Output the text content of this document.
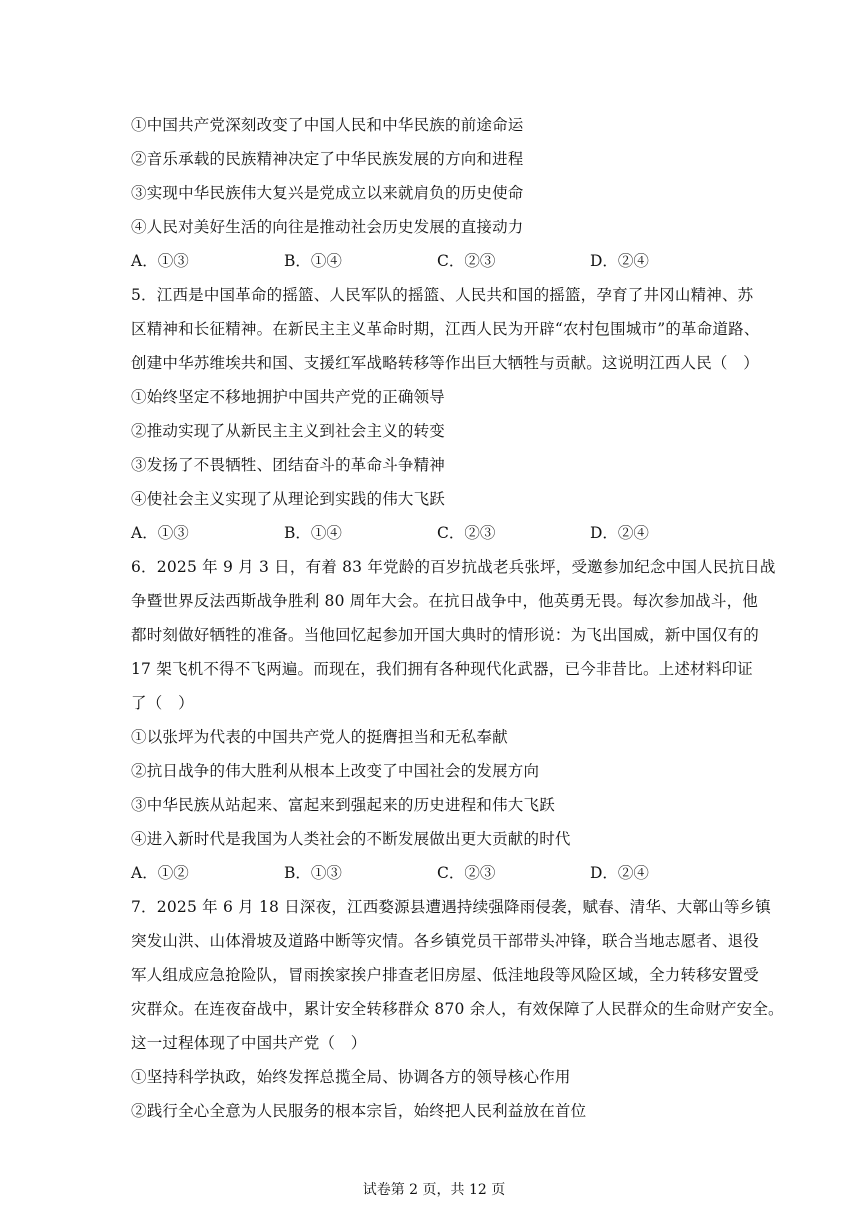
①中国共产党深刻改变了中国人民和中华民族的前途命运
②音乐承载的民族精神决定了中华民族发展的方向和进程
③实现中华民族伟大复兴是党成立以来就肩负的历史使命
④人民对美好生活的向往是推动社会历史发展的直接动力
A．①③	B．①④	C．②③	D．②④
5．江西是中国革命的摇篮、人民军队的摇篮、人民共和国的摇篮，孕育了井冈山精神、苏
区精神和长征精神。在新民主主义革命时期，江西人民为开辟“农村包围城市”的革命道路、
创建中华苏维埃共和国、支援红军战略转移等作出巨大牺牲与贡献。这说明江西人民（　）
①始终坚定不移地拥护中国共产党的正确领导
②推动实现了从新民主主义到社会主义的转变
③发扬了不畏牺牲、团结奋斗的革命斗争精神
④使社会主义实现了从理论到实践的伟大飞跃
A．①③	B．①④	C．②③	D．②④
6．2025 年 9 月 3 日，有着 83 年党龄的百岁抗战老兵张坪，受邀参加纪念中国人民抗日战
争暨世界反法西斯战争胜利 80 周年大会。在抗日战争中，他英勇无畏。每次参加战斗，他
都时刻做好牺牲的准备。当他回忆起参加开国大典时的情形说：为飞出国威，新中国仅有的
17 架飞机不得不飞两遍。而现在，我们拥有各种现代化武器，已今非昔比。上述材料印证
了（　）
①以张坪为代表的中国共产党人的挺膺担当和无私奉献
②抗日战争的伟大胜利从根本上改变了中国社会的发展方向
③中华民族从站起来、富起来到强起来的历史进程和伟大飞跃
④进入新时代是我国为人类社会的不断发展做出更大贡献的时代
A．①②	B．①③	C．②③	D．②④
7．2025 年 6 月 18 日深夜，江西婺源县遭遇持续强降雨侵袭，赋春、清华、大鄣山等乡镇
突发山洪、山体滑坡及道路中断等灾情。各乡镇党员干部带头冲锋，联合当地志愿者、退役
军人组成应急抢险队，冒雨挨家挨户排查老旧房屋、低洼地段等风险区域，全力转移安置受
灾群众。在连夜奋战中，累计安全转移群众 870 余人，有效保障了人民群众的生命财产安全。
这一过程体现了中国共产党（　）
①坚持科学执政，始终发挥总揽全局、协调各方的领导核心作用
②践行全心全意为人民服务的根本宗旨，始终把人民利益放在首位
试卷第 2 页，共 12 页
